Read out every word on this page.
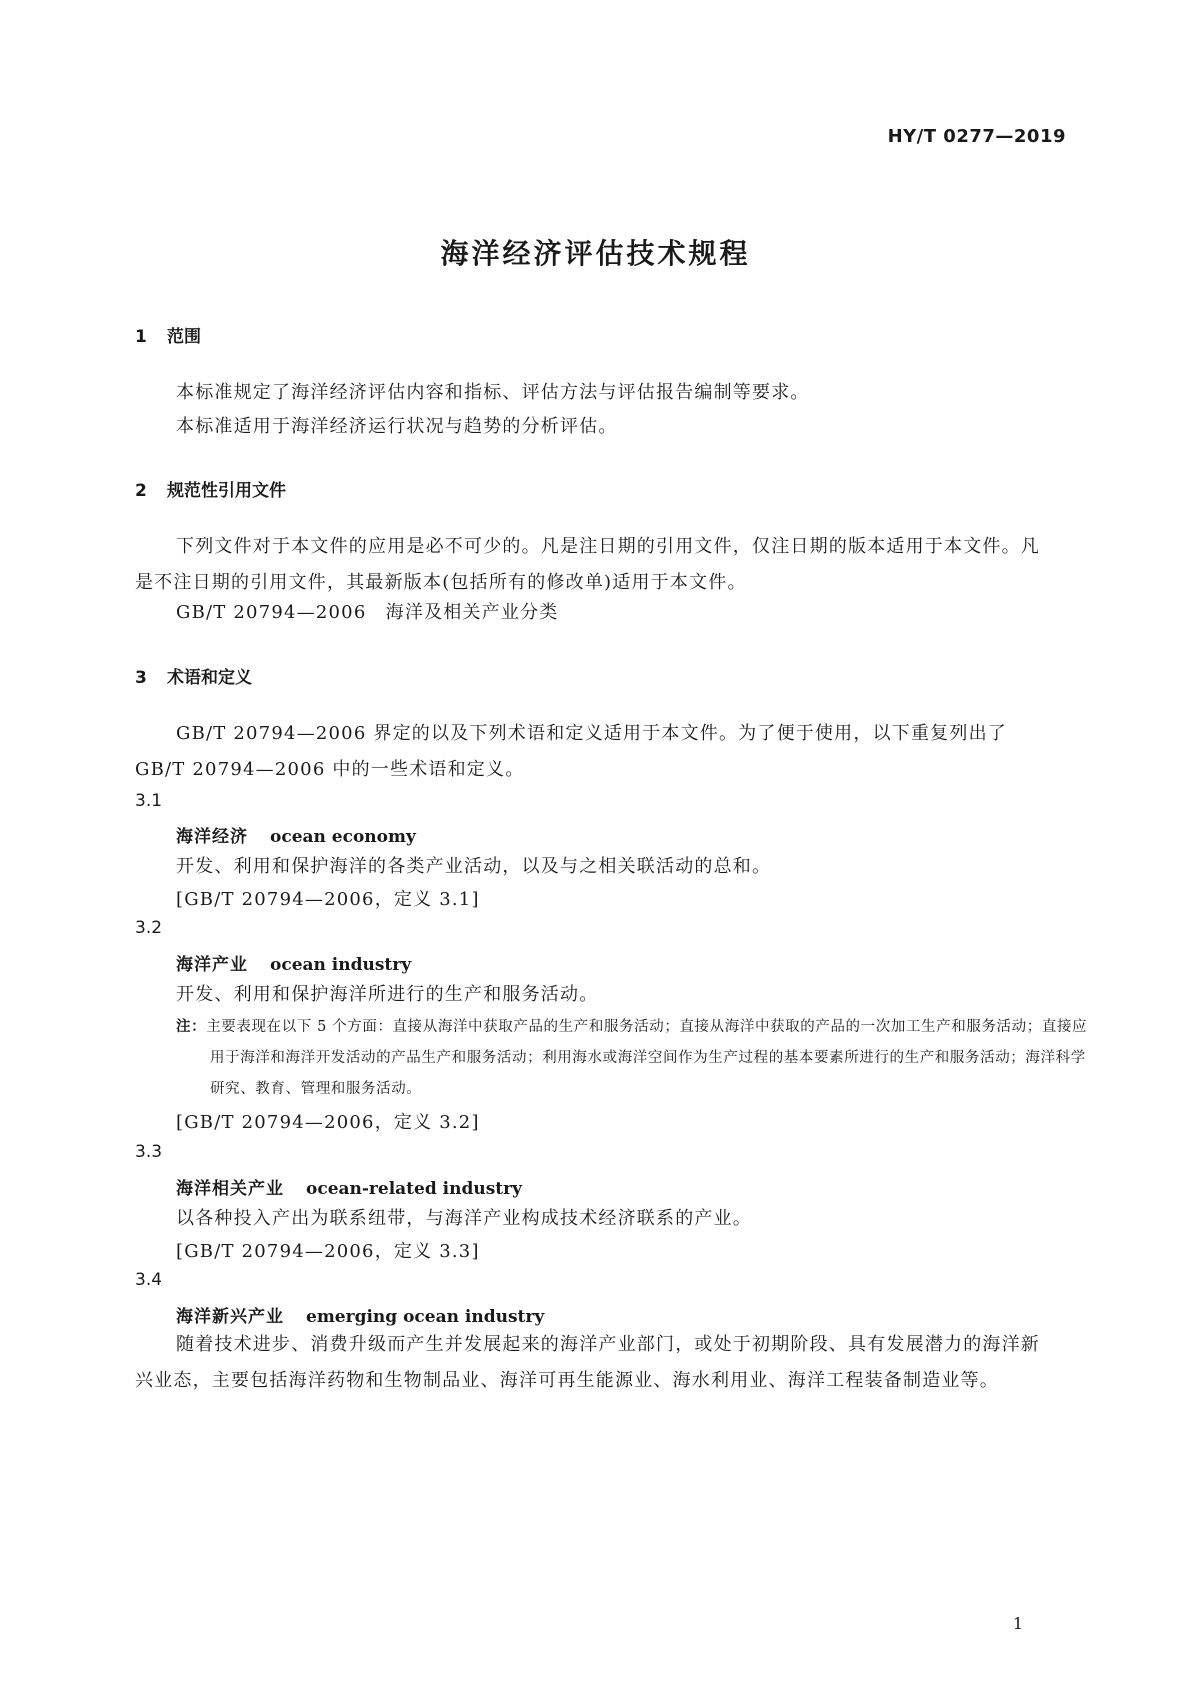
HY/T 0277—2019
海洋经济评估技术规程
1 范围
本标准规定了海洋经济评估内容和指标、评估方法与评估报告编制等要求。
本标准适用于海洋经济运行状况与趋势的分析评估。
2 规范性引用文件
下列文件对于本文件的应用是必不可少的。凡是注日期的引用文件，仅注日期的版本适用于本文件。凡是不注日期的引用文件，其最新版本(包括所有的修改单)适用于本文件。
GB/T 20794—2006　海洋及相关产业分类
3 术语和定义
GB/T 20794—2006 界定的以及下列术语和定义适用于本文件。为了便于使用，以下重复列出了GB/T 20794—2006 中的一些术语和定义。
3.1
海洋经济 ocean economy
开发、利用和保护海洋的各类产业活动，以及与之相关联活动的总和。
[GB/T 20794—2006，定义 3.1]
3.2
海洋产业 ocean industry
开发、利用和保护海洋所进行的生产和服务活动。
注：主要表现在以下 5 个方面：直接从海洋中获取产品的生产和服务活动；直接从海洋中获取的产品的一次加工生产和服务活动；直接应用于海洋和海洋开发活动的产品生产和服务活动；利用海水或海洋空间作为生产过程的基本要素所进行的生产和服务活动；海洋科学研究、教育、管理和服务活动。
[GB/T 20794—2006，定义 3.2]
3.3
海洋相关产业 ocean-related industry
以各种投入产出为联系纽带，与海洋产业构成技术经济联系的产业。
[GB/T 20794—2006，定义 3.3]
3.4
海洋新兴产业 emerging ocean industry
随着技术进步、消费升级而产生并发展起来的海洋产业部门，或处于初期阶段、具有发展潜力的海洋新兴业态，主要包括海洋药物和生物制品业、海洋可再生能源业、海水利用业、海洋工程装备制造业等。
1
